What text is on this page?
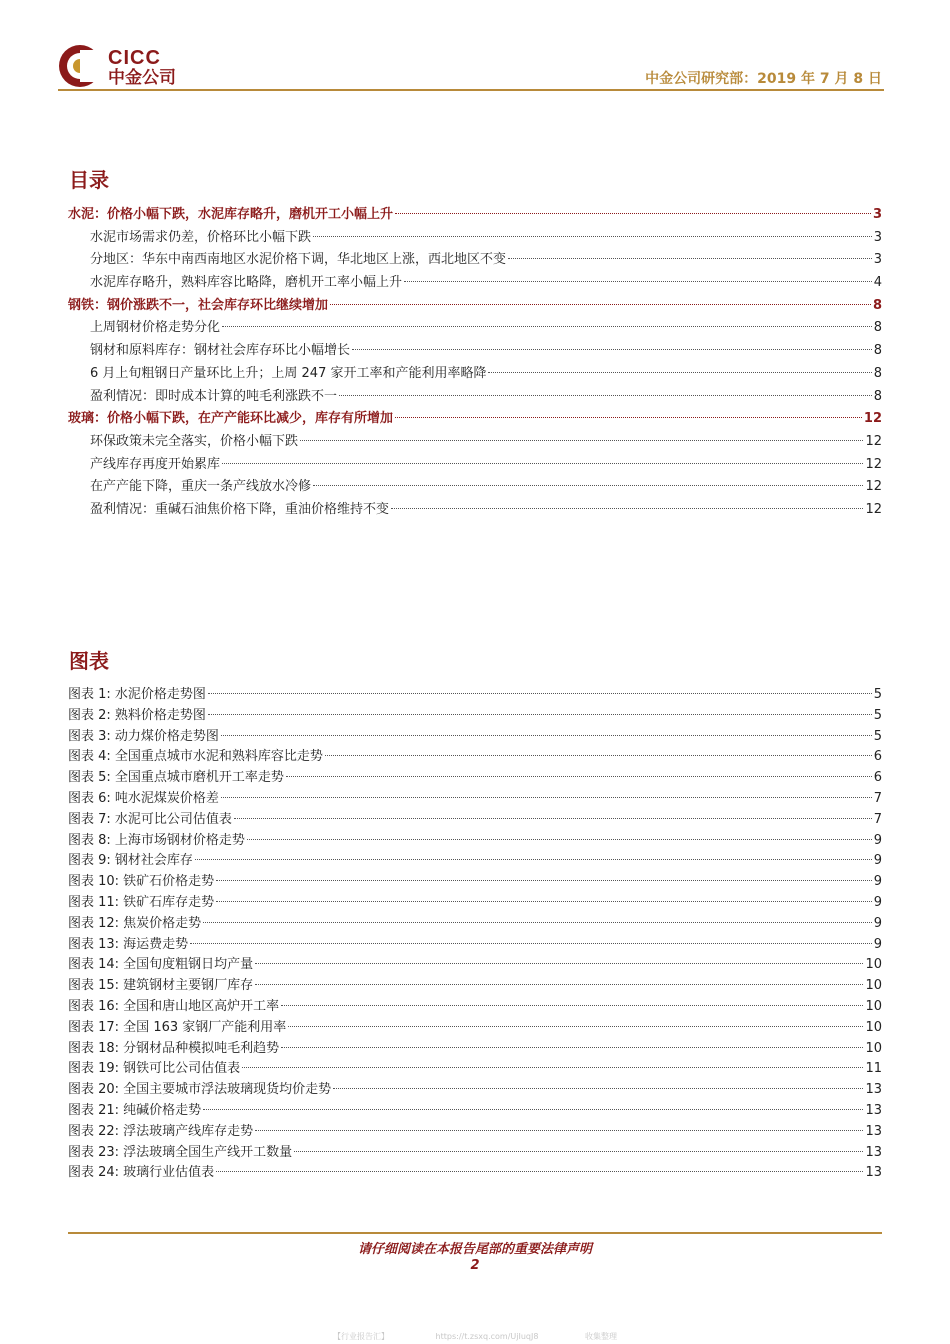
CICC
中金公司	中金公司研究部：2019 年 7 月 8 日
目录
水泥：价格小幅下跌，水泥库存略升，磨机开工小幅上升	3
水泥市场需求仍差，价格环比小幅下跌	3
分地区：华东中南西南地区水泥价格下调，华北地区上涨，西北地区不变	3
水泥库存略升，熟料库容比略降，磨机开工率小幅上升	4
钢铁：钢价涨跌不一，社会库存环比继续增加	8
上周钢材价格走势分化	8
钢材和原料库存：钢材社会库存环比小幅增长	8
6 月上旬粗钢日产量环比上升；上周 247 家开工率和产能利用率略降	8
盈利情况：即时成本计算的吨毛利涨跌不一	8
玻璃：价格小幅下跌，在产产能环比减少，库存有所增加	12
环保政策未完全落实，价格小幅下跌	12
产线库存再度开始累库	12
在产产能下降，重庆一条产线放水冷修	12
盈利情况：重碱石油焦价格下降，重油价格维持不变	12
图表
图表 1: 水泥价格走势图	5
图表 2: 熟料价格走势图	5
图表 3: 动力煤价格走势图	5
图表 4: 全国重点城市水泥和熟料库容比走势	6
图表 5: 全国重点城市磨机开工率走势	6
图表 6: 吨水泥煤炭价格差	7
图表 7: 水泥可比公司估值表	7
图表 8: 上海市场钢材价格走势	9
图表 9: 钢材社会库存	9
图表 10: 铁矿石价格走势	9
图表 11: 铁矿石库存走势	9
图表 12: 焦炭价格走势	9
图表 13: 海运费走势	9
图表 14: 全国旬度粗钢日均产量	10
图表 15: 建筑钢材主要钢厂库存	10
图表 16: 全国和唐山地区高炉开工率	10
图表 17: 全国 163 家钢厂产能利用率	10
图表 18: 分钢材品种模拟吨毛利趋势	10
图表 19: 钢铁可比公司估值表	11
图表 20: 全国主要城市浮法玻璃现货均价走势	13
图表 21: 纯碱价格走势	13
图表 22: 浮法玻璃产线库存走势	13
图表 23: 浮法玻璃全国生产线开工数量	13
图表 24: 玻璃行业估值表	13
请仔细阅读在本报告尾部的重要法律声明
2
【行业报告汇】	https://t.zsxq.com/UjIuqJ8	收集整理
